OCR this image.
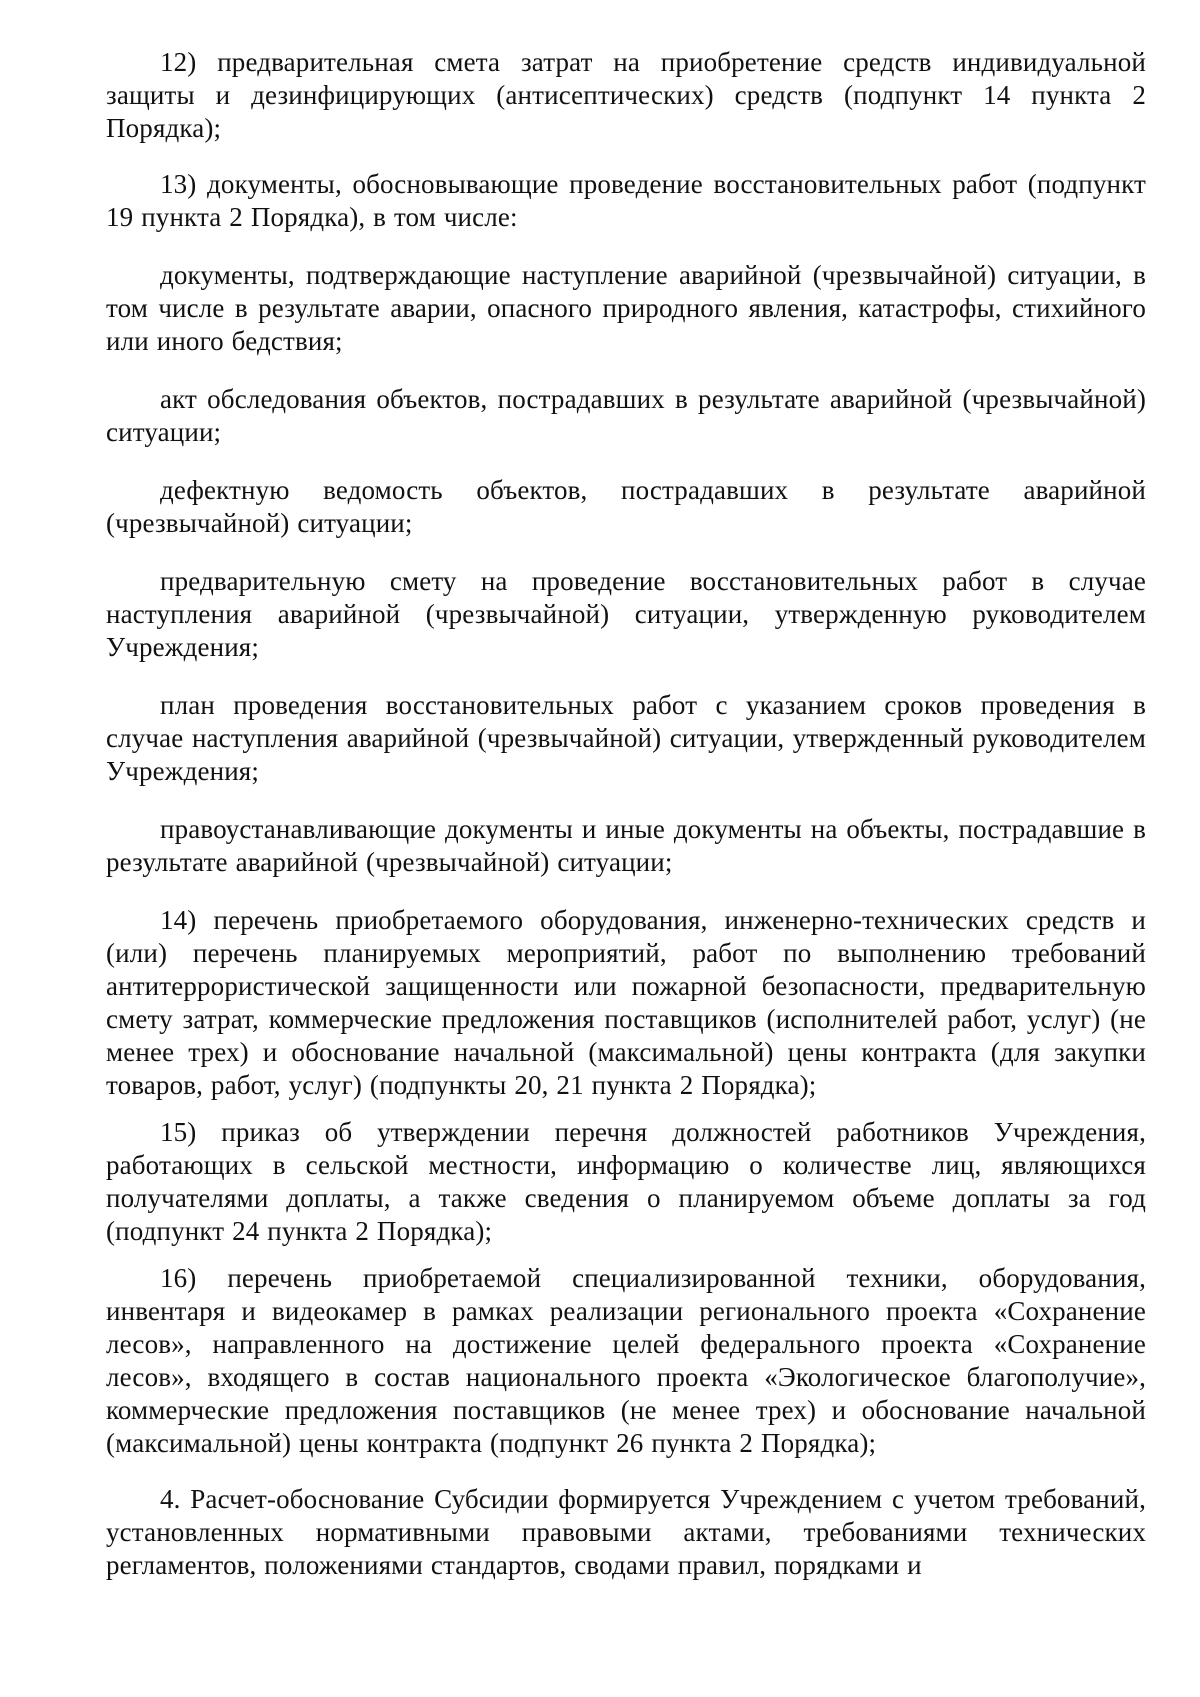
12) предварительная смета затрат на приобретение средств индивидуальной защиты и дезинфицирующих (антисептических) средств (подпункт 14 пункта 2 Порядка);

13) документы, обосновывающие проведение восстановительных работ (подпункт 19 пункта 2 Порядка), в том числе:

документы, подтверждающие наступление аварийной (чрезвычайной) ситуации, в том числе в результате аварии, опасного природного явления, катастрофы, стихийного или иного бедствия;

акт обследования объектов, пострадавших в результате аварийной (чрезвычайной) ситуации;

дефектную ведомость объектов, пострадавших в результате аварийной (чрезвычайной) ситуации;

предварительную смету на проведение восстановительных работ в случае наступления аварийной (чрезвычайной) ситуации, утвержденную руководителем Учреждения;

план проведения восстановительных работ с указанием сроков проведения в случае наступления аварийной (чрезвычайной) ситуации, утвержденный руководителем Учреждения;

правоустанавливающие документы и иные документы на объекты, пострадавшие в результате аварийной (чрезвычайной) ситуации;

14) перечень приобретаемого оборудования, инженерно-технических средств и (или) перечень планируемых мероприятий, работ по выполнению требований антитеррористической защищенности или пожарной безопасности, предварительную смету затрат, коммерческие предложения поставщиков (исполнителей работ, услуг) (не менее трех) и обоснование начальной (максимальной) цены контракта (для закупки товаров, работ, услуг) (подпункты 20, 21 пункта 2 Порядка);

15) приказ об утверждении перечня должностей работников Учреждения, работающих в сельской местности, информацию о количестве лиц, являющихся получателями доплаты, а также сведения о планируемом объеме доплаты за год (подпункт 24 пункта 2 Порядка);

16) перечень приобретаемой специализированной техники, оборудования, инвентаря и видеокамер в рамках реализации регионального проекта «Сохранение лесов», направленного на достижение целей федерального проекта «Сохранение лесов», входящего в состав национального проекта «Экологическое благополучие», коммерческие предложения поставщиков (не менее трех) и обоснование начальной (максимальной) цены контракта (подпункт 26 пункта 2 Порядка);

4. Расчет-обоснование Субсидии формируется Учреждением с учетом требований, установленных нормативными правовыми актами, требованиями технических регламентов, положениями стандартов, сводами правил, порядками и
